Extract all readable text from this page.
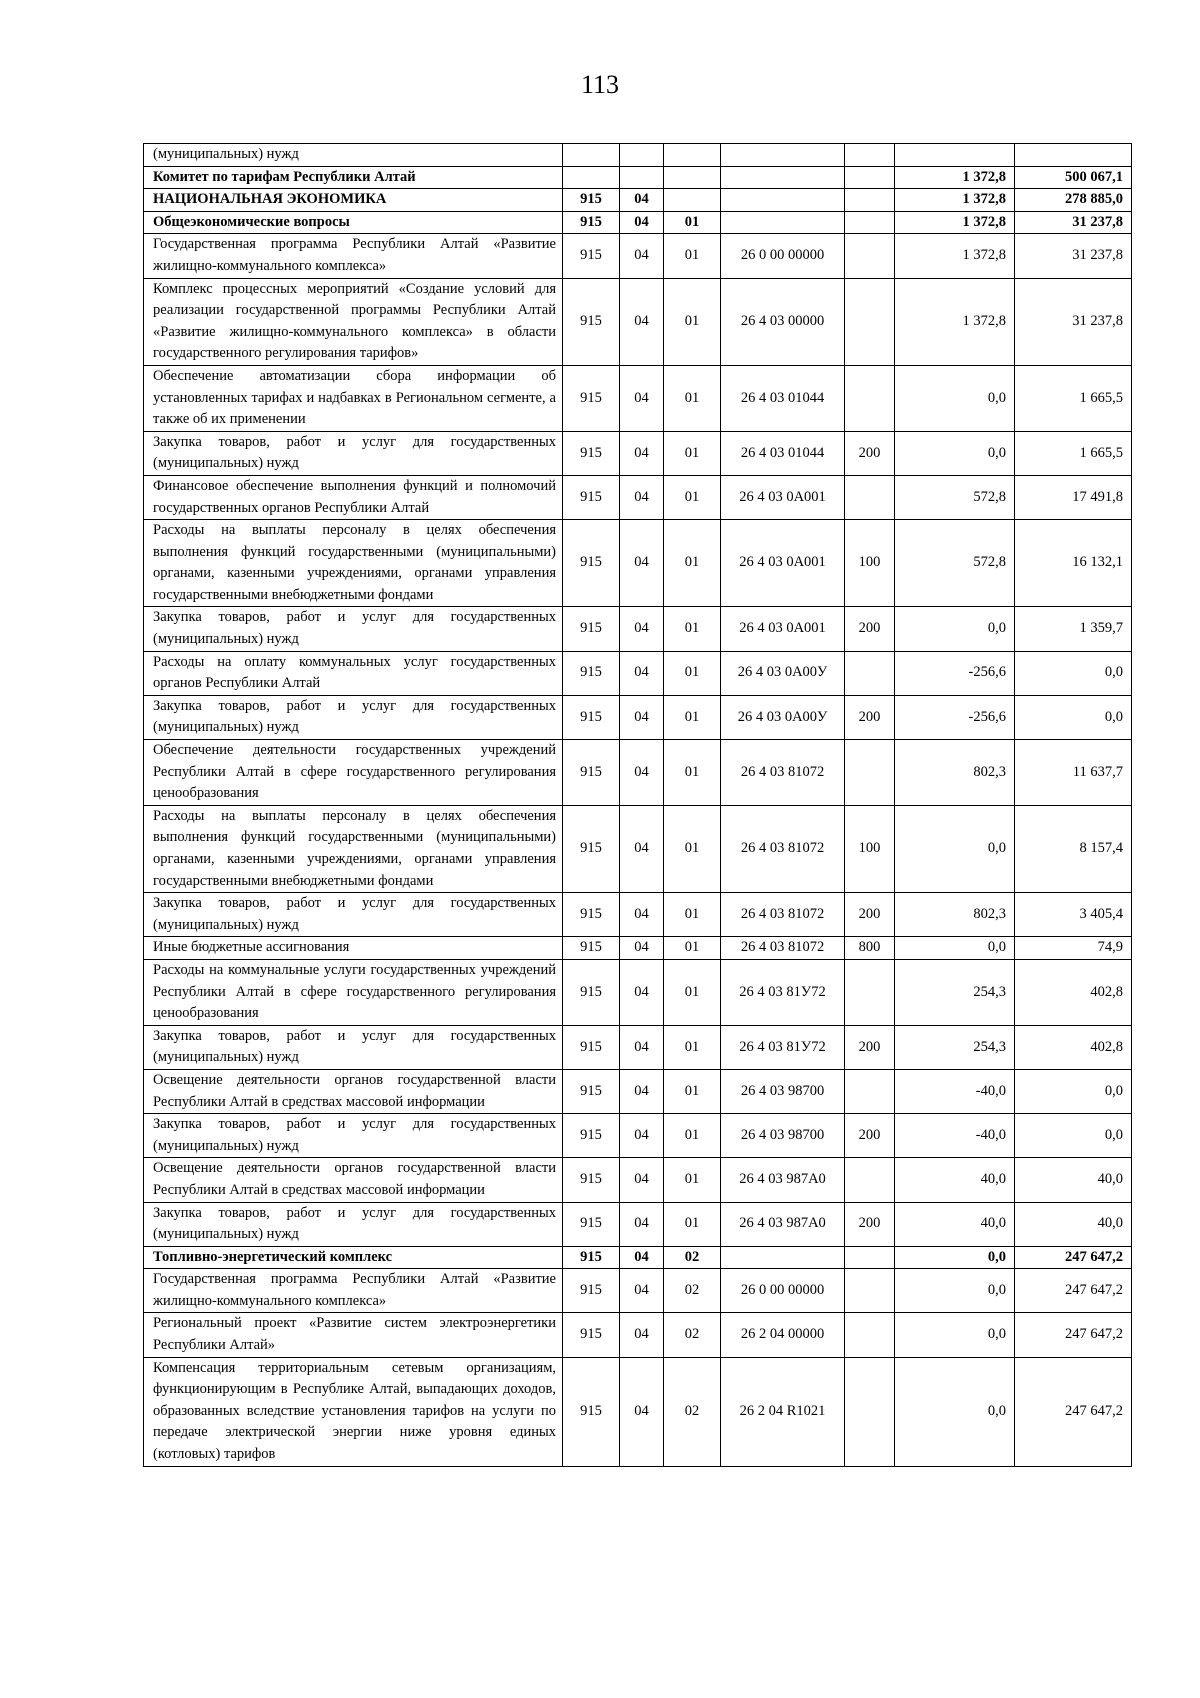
113
(муниципальных) нужд							
Комитет по тарифам Республики Алтай						1 372,8	500 067,1
НАЦИОНАЛЬНАЯ ЭКОНОМИКА	915	04				1 372,8	278 885,0
Общеэкономические вопросы	915	04	01			1 372,8	31 237,8
Государственная программа Республики Алтай «Развитие жилищно-коммунального комплекса»	915	04	01	26 0 00 00000		1 372,8	31 237,8
Комплекс процессных мероприятий «Создание условий для реализации государственной программы Республики Алтай «Развитие жилищно-коммунального комплекса» в области государственного регулирования тарифов»	915	04	01	26 4 03 00000		1 372,8	31 237,8
Обеспечение автоматизации сбора информации об установленных тарифах и надбавках в Региональном сегменте, а также об их применении	915	04	01	26 4 03 01044		0,0	1 665,5
Закупка товаров, работ и услуг для государственных (муниципальных) нужд	915	04	01	26 4 03 01044	200	0,0	1 665,5
Финансовое обеспечение выполнения функций и полномочий государственных органов Республики Алтай	915	04	01	26 4 03 0А001		572,8	17 491,8
Расходы на выплаты персоналу в целях обеспечения выполнения функций государственными (муниципальными) органами, казенными учреждениями, органами управления государственными внебюджетными фондами	915	04	01	26 4 03 0А001	100	572,8	16 132,1
Закупка товаров, работ и услуг для государственных (муниципальных) нужд	915	04	01	26 4 03 0А001	200	0,0	1 359,7
Расходы на оплату коммунальных услуг государственных органов Республики Алтай	915	04	01	26 4 03 0А00У		-256,6	0,0
Закупка товаров, работ и услуг для государственных (муниципальных) нужд	915	04	01	26 4 03 0А00У	200	-256,6	0,0
Обеспечение деятельности государственных учреждений Республики Алтай в сфере государственного регулирования ценообразования	915	04	01	26 4 03 81072		802,3	11 637,7
Расходы на выплаты персоналу в целях обеспечения выполнения функций государственными (муниципальными) органами, казенными учреждениями, органами управления государственными внебюджетными фондами	915	04	01	26 4 03 81072	100	0,0	8 157,4
Закупка товаров, работ и услуг для государственных (муниципальных) нужд	915	04	01	26 4 03 81072	200	802,3	3 405,4
Иные бюджетные ассигнования	915	04	01	26 4 03 81072	800	0,0	74,9
Расходы на коммунальные услуги государственных учреждений Республики Алтай в сфере государственного регулирования ценообразования	915	04	01	26 4 03 81У72		254,3	402,8
Закупка товаров, работ и услуг для государственных (муниципальных) нужд	915	04	01	26 4 03 81У72	200	254,3	402,8
Освещение деятельности органов государственной власти Республики Алтай в средствах массовой информации	915	04	01	26 4 03 98700		-40,0	0,0
Закупка товаров, работ и услуг для государственных (муниципальных) нужд	915	04	01	26 4 03 98700	200	-40,0	0,0
Освещение деятельности органов государственной власти Республики Алтай в средствах массовой информации	915	04	01	26 4 03 987А0		40,0	40,0
Закупка товаров, работ и услуг для государственных (муниципальных) нужд	915	04	01	26 4 03 987А0	200	40,0	40,0
Топливно-энергетический комплекс	915	04	02			0,0	247 647,2
Государственная программа Республики Алтай «Развитие жилищно-коммунального комплекса»	915	04	02	26 0 00 00000		0,0	247 647,2
Региональный проект «Развитие систем электроэнергетики Республики Алтай»	915	04	02	26 2 04 00000		0,0	247 647,2
Компенсация территориальным сетевым организациям, функционирующим в Республике Алтай, выпадающих доходов, образованных вследствие установления тарифов на услуги по передаче электрической энергии ниже уровня единых (котловых) тарифов	915	04	02	26 2 04 R1021		0,0	247 647,2
